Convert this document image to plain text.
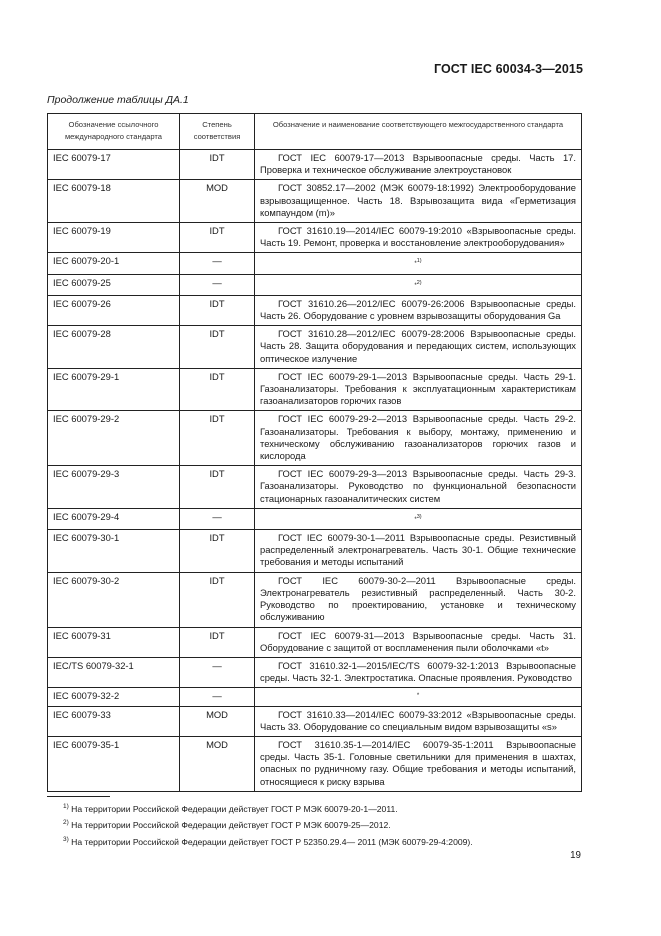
ГОСТ IEC 60034-3—2015
Продолжение таблицы ДА.1
Обозначение ссылочного международного стандарта	Степень соответствия	Обозначение и наименование соответствующего межгосударственного стандарта
IEC 60079-17	IDT	ГОСТ IEC 60079-17—2013 Взрывоопасные среды. Часть 17. Проверка и техническое обслуживание электроустановок
IEC 60079-18	MOD	ГОСТ 30852.17—2002 (МЭК 60079-18:1992) Электрооборудование взрывозащищенное. Часть 18. Взрывозащита вида «Герметизация компаундом (m)»
IEC 60079-19	IDT	ГОСТ 31610.19—2014/IEC 60079-19:2010 «Взрывоопасные среды. Часть 19. Ремонт, проверка и восстановление электрооборудования»
IEC 60079-20-1	—	*$^{1)}$
IEC 60079-25	—	*$^{2)}$
IEC 60079-26	IDT	ГОСТ 31610.26—2012/IEC 60079-26:2006 Взрывоопасные среды. Часть 26. Оборудование с уровнем взрывозащиты оборудования Ga
IEC 60079-28	IDT	ГОСТ 31610.28—2012/IEC 60079-28:2006 Взрывоопасные среды. Часть 28. Защита оборудования и передающих систем, использующих оптическое излучение
IEC 60079-29-1	IDT	ГОСТ IEC 60079-29-1—2013 Взрывоопасные среды. Часть 29-1. Газоанализаторы. Требования к эксплуатационным характеристикам газоанализаторов горючих газов
IEC 60079-29-2	IDT	ГОСТ IEC 60079-29-2—2013 Взрывоопасные среды. Часть 29-2. Газоанализаторы. Требования к выбору, монтажу, применению и техническому обслуживанию газоанализаторов горючих газов и кислорода
IEC 60079-29-3	IDT	ГОСТ IEC 60079-29-3—2013 Взрывоопасные среды. Часть 29-3. Газоанализаторы. Руководство по функциональной безопасности стационарных газоаналитических систем
IEC 60079-29-4	—	*$^{3)}$
IEC 60079-30-1	IDT	ГОСТ IEC 60079-30-1—2011 Взрывоопасные среды. Резистивный распределенный электронагреватель. Часть 30-1. Общие технические требования и методы испытаний
IEC 60079-30-2	IDT	ГОСТ IEC 60079-30-2—2011 Взрывоопасные среды. Электронагреватель резистивный распределенный. Часть 30-2. Руководство по проектированию, установке и техническому обслуживанию
IEC 60079-31	IDT	ГОСТ IEC 60079-31—2013 Взрывоопасные среды. Часть 31. Оборудование с защитой от воспламенения пыли оболочками «t»
IEC/TS 60079-32-1	—	ГОСТ 31610.32-1—2015/IEC/TS 60079-32-1:2013 Взрывоопасные среды. Часть 32-1. Электростатика. Опасные проявления. Руководство
IEC 60079-32-2	—	*
IEC 60079-33	MOD	ГОСТ 31610.33—2014/IEC 60079-33:2012 «Взрывоопасные среды. Часть 33. Оборудование со специальным видом взрывозащиты «s»
IEC 60079-35-1	MOD	ГОСТ 31610.35-1—2014/IEC 60079-35-1:2011 Взрывоопасные среды. Часть 35-1. Головные светильники для применения в шахтах, опасных по рудничному газу. Общие требования и методы испытаний, относящиеся к риску взрыва
$^{1)}$ На территории Российской Федерации действует ГОСТ Р МЭК 60079-20-1—2011.
$^{2)}$ На территории Российской Федерации действует ГОСТ Р МЭК 60079-25—2012.
$^{3)}$ На территории Российской Федерации действует ГОСТ Р 52350.29.4— 2011 (МЭК 60079-29-4:2009).
19
